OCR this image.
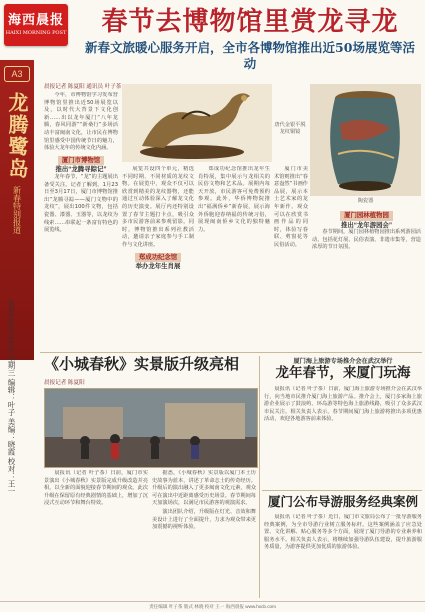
海西晨报
HAIXI MORNING POST	春节去博物馆里赏龙寻龙
新春文旅暖心服务开启，全市各博物馆推出近50场展览等活动
A3
龙腾鹭岛
新春特别报道
2024年2月14日 星期三 编辑：叶子 美编：晓霞 校对：王一
晨报记者 陈夏阳 通讯员 叶子茶

今年，市博物馆学习发布营博物馆里推出近50场展览以及，以时代大背景下文化创新……出以龙年厦门“八年龙腾，春风同游”“新桑行”多场活动丰富闽南文化，让市民在博物馆里感受中国传统节日的魅力，体验大龙年的传统文化内涵。

厦门市博物馆
推出“龙腾寻踪记”

龙年春节，“龙”的主题展出备受关注。记者了解到，1月23日至3月17日，厦门市博物馆推出“龙腾寻踪——厦门文物中的龙纹”，展出100件文物，包括瓷器、漆器、玉器等，以龙纹为线索……串联起一条富有特色的展览线。

唐代金银平脱龙纹铜镜
陶瓷器

展览共设四个单元，精选不同时期、不同材质的龙纹文物。在展览中，观众不仅可以欣赏到精美的龙纹器物，还能通过互动体验深入了解龙文化的历史演变。展厅内还特别设置了春节主题打卡点，吸引众多市民游客前来参观留影。同时，博物馆推出系列社教活动，邀请亲子家庭参与手工制作与文化讲座。

郑成功纪念馆
举办龙年生肖展

郑成功纪念馆推出龙年生肖特展，集中展示与龙相关的民俗文物和艺术品。展期内每天开放，市民游客可免费预约参观。此外，华侨博物院推出“福满侨乡”新春展，展示海外侨胞迎春纳福的传统习俗，展现闽南侨乡文化的独特魅力。

厦门市美术馆则推出“春意盎然”书画作品展，展示本土艺术家的龙年新作。观众可以在欣赏书画作品的同时，体验写春联、剪窗花等民俗活动。

厦门园林植物园
推出“龙年游园会”

春节期间，厦门园林植物园推出系列游园活动，包括花灯展、民俗表演、非遗市集等，营造浓厚的节日氛围。

《小城春秋》实景版升级亮相
晨报记者 陈夏阳

晨报讯（记者 叶子茶）日前，厦门市实景演出《小城春秋》实景版完成升级改造并亮相，以全新的面貌迎接春节期间的观众。此次升级在保留原有经典剧情的基础上，增加了沉浸式互动环节和舞台特效。

据悉，《小城春秋》实景版以厦门本土历史故事为蓝本，讲述了革命志士的传奇经历。升级后的演出融入了更多闽南文化元素，观众可在演出中近距离感受历史场景。春节期间每天加演场次，以满足市民游客的观演需求。

演出团队介绍，升级版在灯光、音效和舞美设计上进行了全面提升，力求为观众带来更加震撼的视听体验。

厦门海上旅游专场推介会在武汉举行
龙年春节，来厦门玩海

晨报讯（记者 叶子茶）日前，厦门海上旅游专场推介会在武汉举行，向当地市民推介厦门海上旅游产品。推介会上，厦门多家海上旅游企业展示了鼓浪屿、环岛游等特色海上旅游线路，吸引了众多武汉市民关注。相关负责人表示，春节期间厦门海上旅游将推出多项优惠活动，欢迎各地游客前来体验。

厦门公布导游服务经典案例

晨报讯（记者 叶子茶）近日，厦门市文旅局公布了一批导游服务经典案例，为全市导游行业树立服务标杆。这些案例涵盖了应急处置、文化讲解、贴心服务等多个方面，展现了厦门导游的专业素养和服务水平。相关负责人表示，将继续加强导游队伍建设，提升旅游服务质量，为游客提供更加优质的旅游体验。

责任编辑 叶子茶 版式 林晓 校对 王一 海西晨报 www.hxcb.com
